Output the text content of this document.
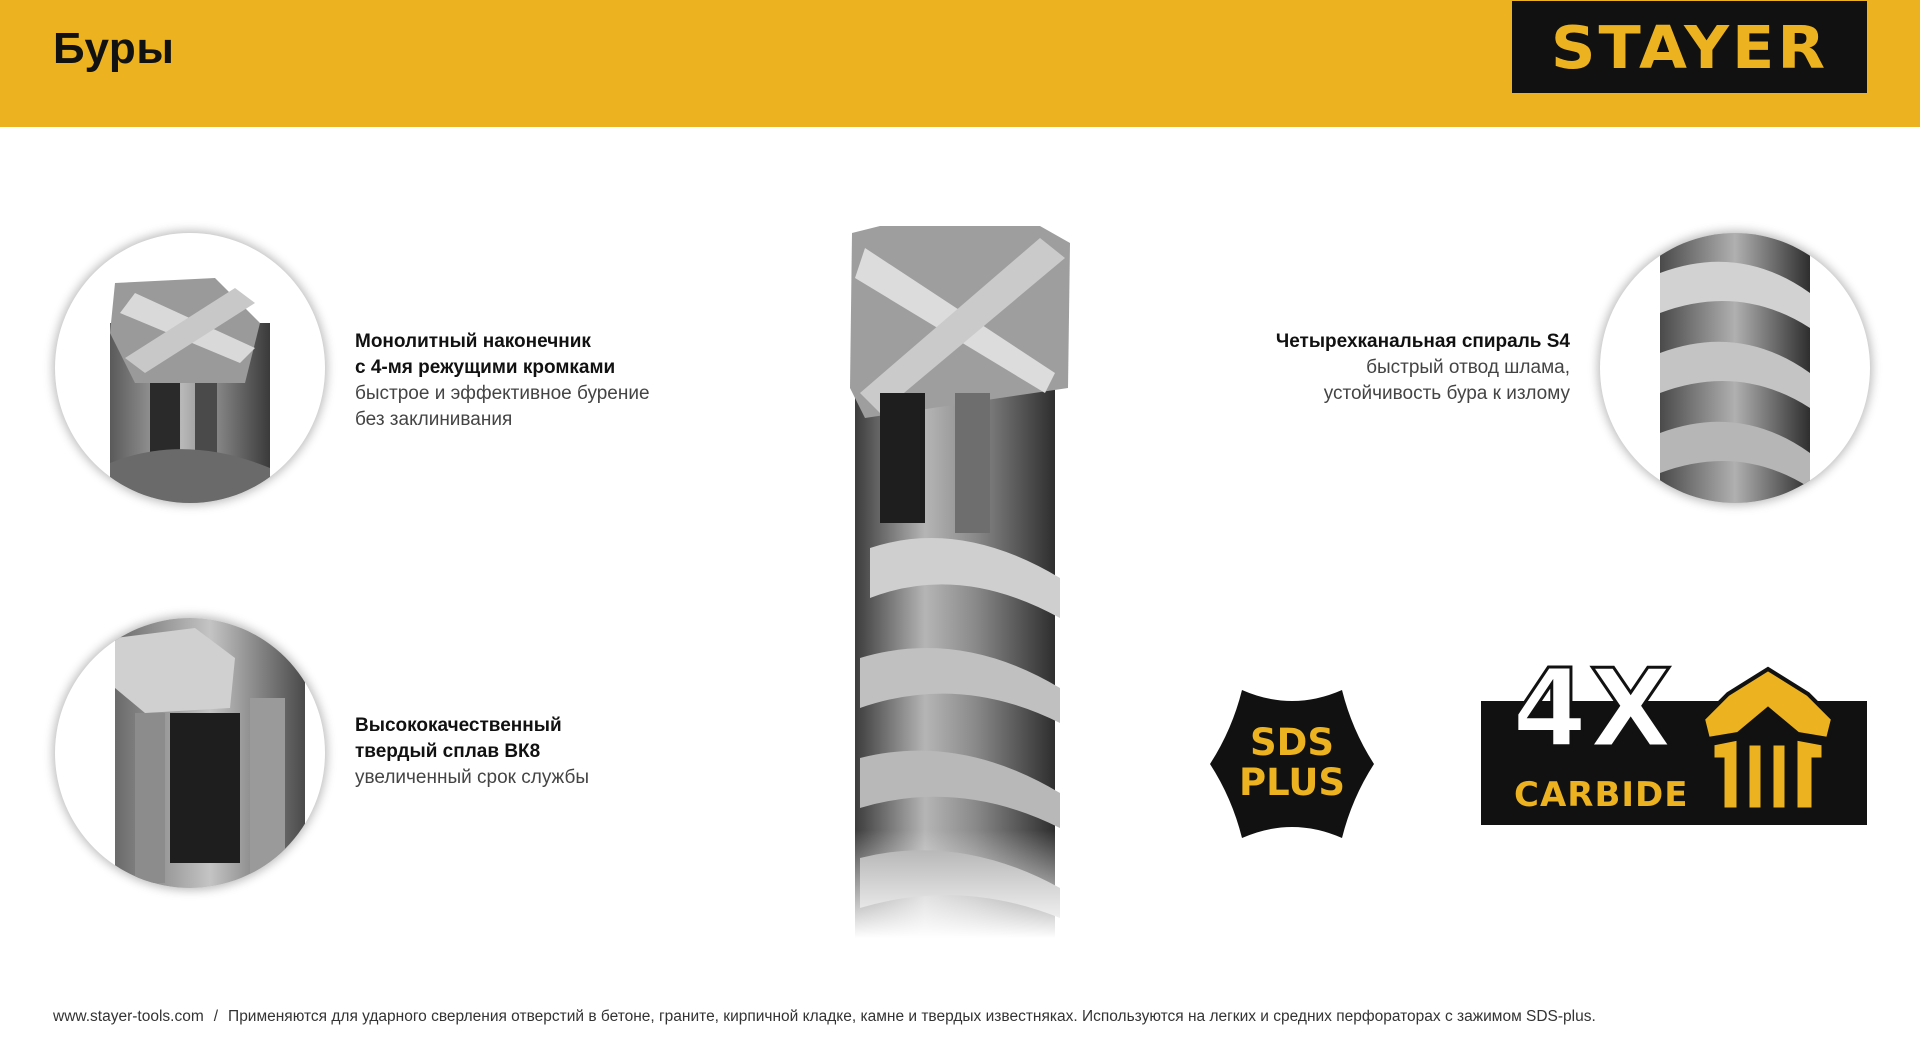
Буры	STAYER
Монолитный наконечник
с 4-мя режущими кромками
быстрое и эффективное бурение
без заклинивания
Высококачественный
твердый сплав ВК8
увеличенный срок службы
Четырехканальная спираль S4
быстрый отвод шлама,
устойчивость бура к излому
SDS
PLUS
4X
CARBIDE
www.stayer-tools.com / Применяются для ударного сверления отверстий в бетоне, граните, кирпичной кладке, камне и твердых известняках. Используются на легких и средних перфораторах с зажимом SDS-plus.
